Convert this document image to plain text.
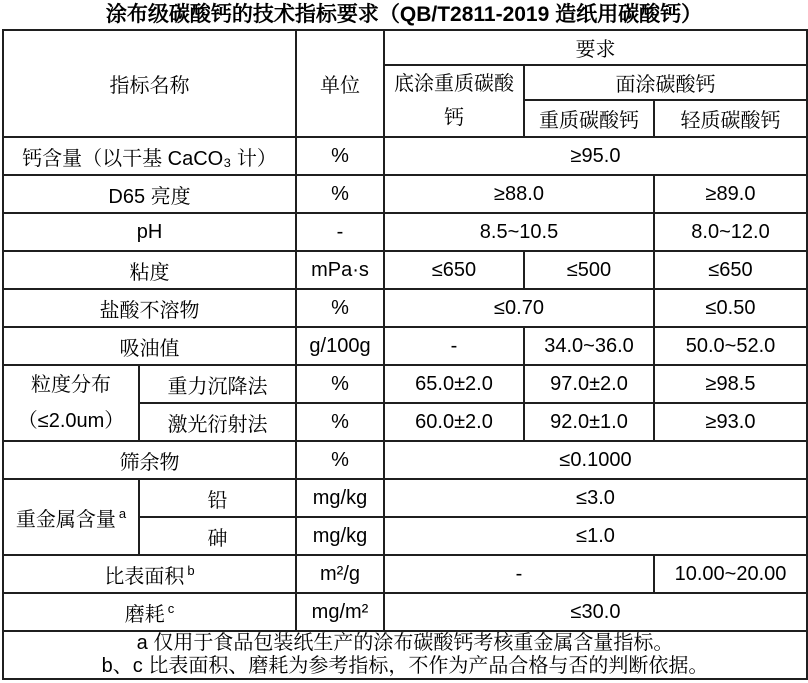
涂布级碳酸钙的技术指标要求（QB/T2811-2019 造纸用碳酸钙）
指标名称		单位	要求		
			底涂重质碳酸钙	面涂碳酸钙	
				重质碳酸钙	轻质碳酸钙
钙含量（以干基 CaCO₃ 计）		%	≥95.0		
D65 亮度		%	≥88.0		≥89.0
pH		-	8.5~10.5		8.0~12.0
粘度		mPa·s	≤650	≤500	≤650
盐酸不溶物		%	≤0.70		≤0.50
吸油值		g/100g	-	34.0~36.0	50.0~52.0

粒度分布
（≤2.0um）	重力沉降法	%	65.0±2.0	97.0±2.0	≥98.5
	激光衍射法	%	60.0±2.0	92.0±1.0	≥93.0
筛余物		%	≤0.1000		
重金属含量 $^a$	铅	mg/kg	≤3.0		
	砷	mg/kg	≤1.0		
比表面积 $^b$		m²/g	-		10.00~20.00
磨耗 $^c$		mg/m²	≤30.0		

a 仅用于食品包装纸生产的涂布碳酸钙考核重金属含量指标。
b、c 比表面积、磨耗为参考指标，不作为产品合格与否的判断依据。					
